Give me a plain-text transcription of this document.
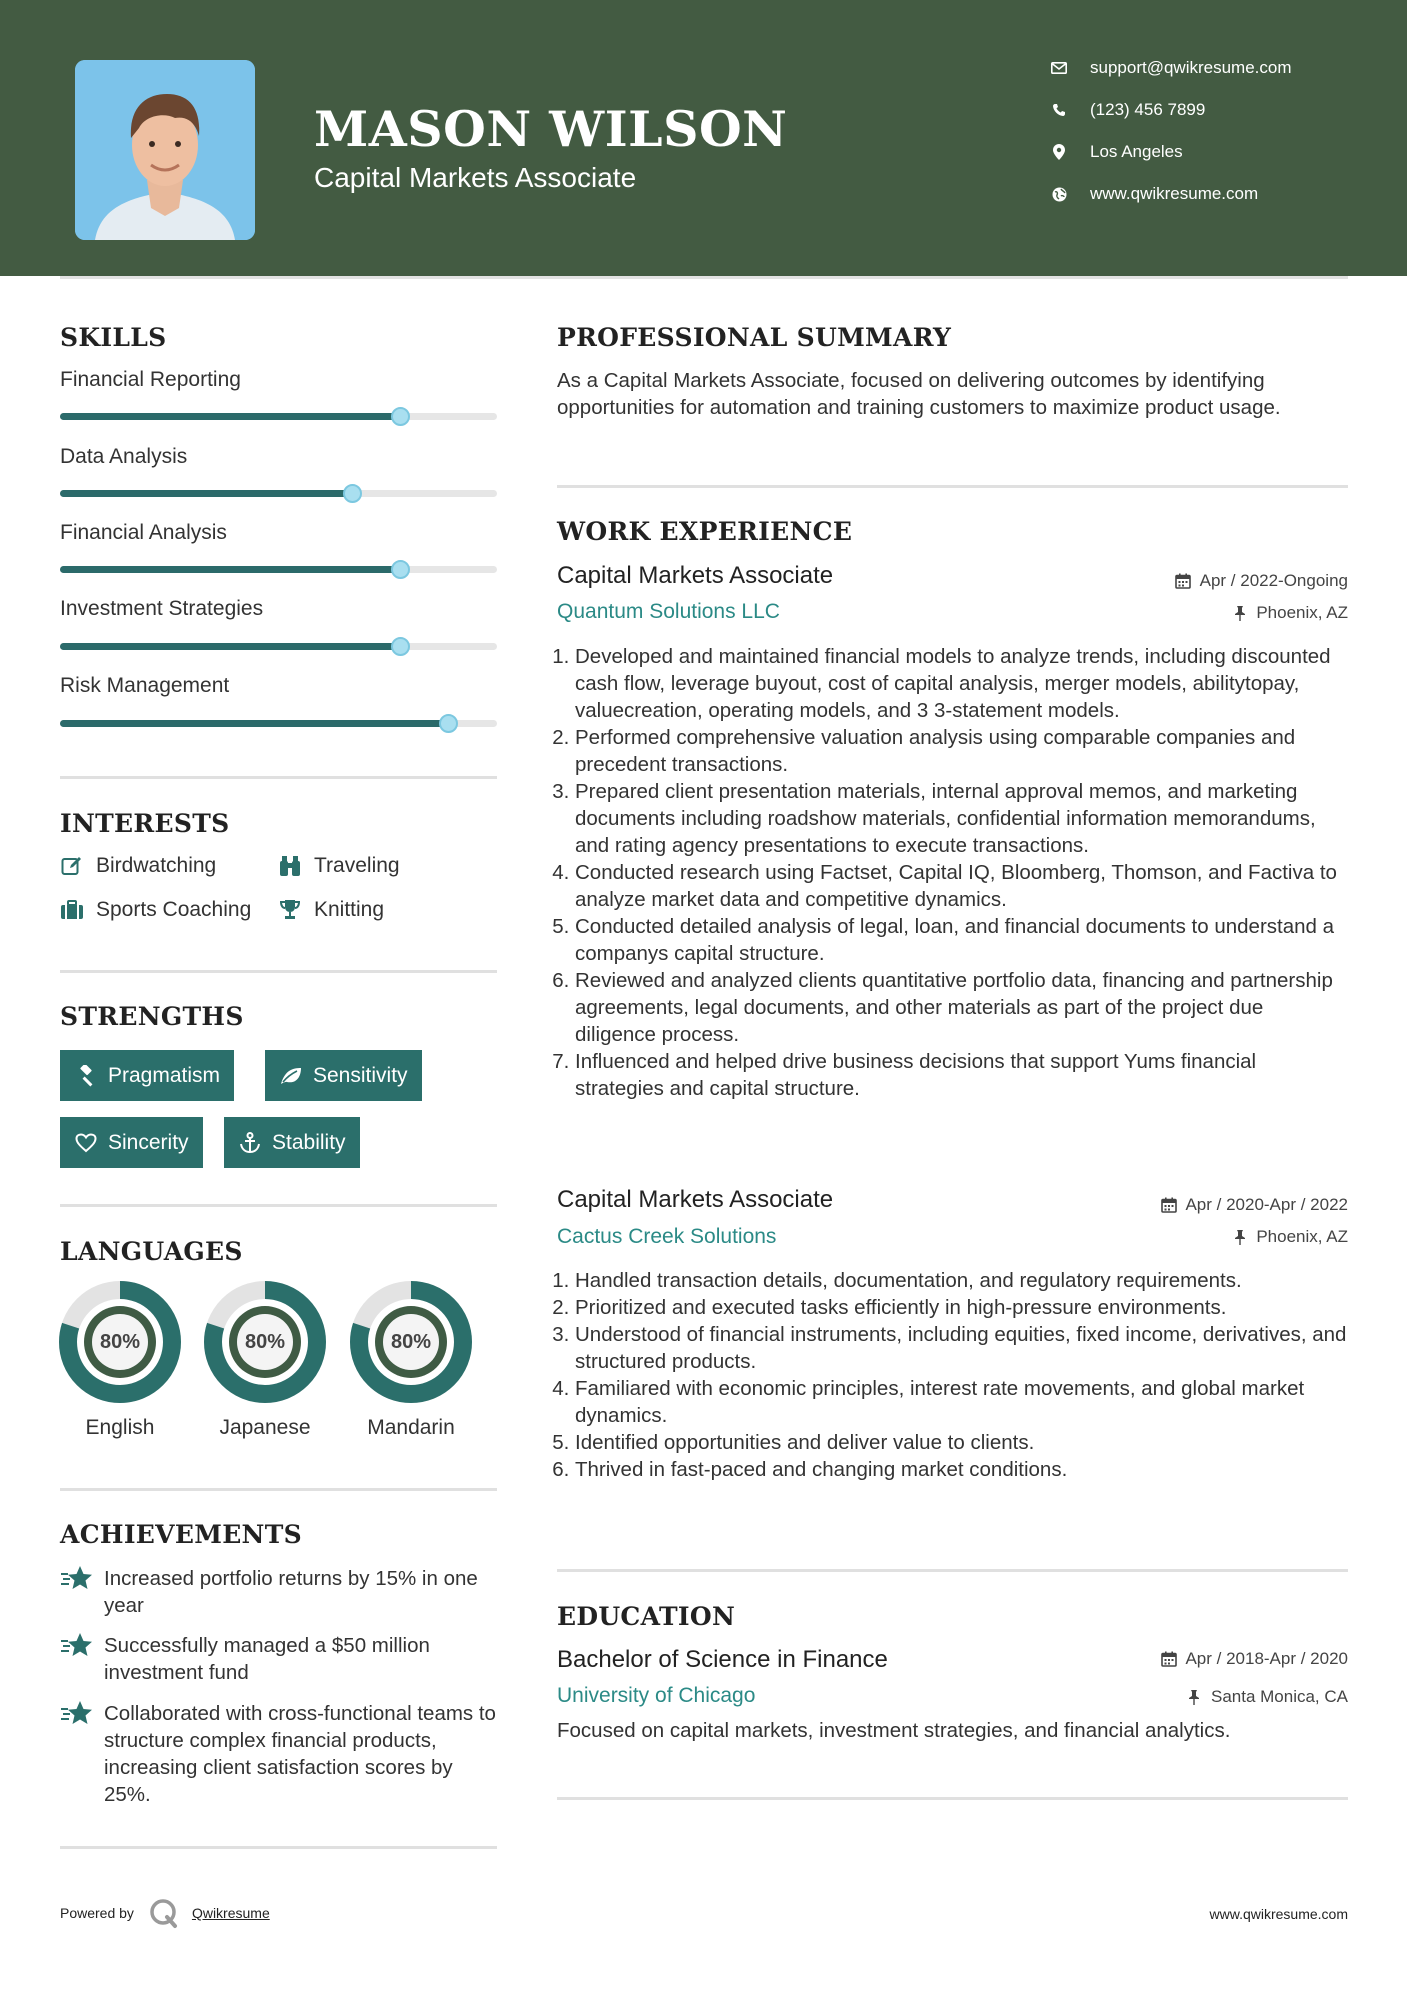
MASON WILSON
Capital Markets Associate
support@qwikresume.com
(123) 456 7899
Los Angeles
www.qwikresume.com
SKILLS
Financial Reporting
Data Analysis
Financial Analysis
Investment Strategies
Risk Management
INTERESTS
Birdwatching	Traveling
Sports Coaching	Knitting
STRENGTHS
Pragmatism	Sensitivity
Sincerity	Stability
LANGUAGES
80%
English
80%
Japanese
80%
Mandarin
ACHIEVEMENTS
Increased portfolio returns by 15% in one year
Successfully managed a $50 million investment fund
Collaborated with cross-functional teams to structure complex financial products, increasing client satisfaction scores by 25%.
PROFESSIONAL SUMMARY
As a Capital Markets Associate, focused on delivering outcomes by identifying opportunities for automation and training customers to maximize product usage.
WORK EXPERIENCE
Capital Markets Associate	Apr / 2022-Ongoing
Quantum Solutions LLC	Phoenix, AZ
1. Developed and maintained financial models to analyze trends, including discounted cash flow, leverage buyout, cost of capital analysis, merger models, abilitytopay, valuecreation, operating models, and 3 3-statement models.
2. Performed comprehensive valuation analysis using comparable companies and precedent transactions.
3. Prepared client presentation materials, internal approval memos, and marketing documents including roadshow materials, confidential information memorandums, and rating agency presentations to execute transactions.
4. Conducted research using Factset, Capital IQ, Bloomberg, Thomson, and Factiva to analyze market data and competitive dynamics.
5. Conducted detailed analysis of legal, loan, and financial documents to understand a companys capital structure.
6. Reviewed and analyzed clients quantitative portfolio data, financing and partnership agreements, legal documents, and other materials as part of the project due diligence process.
7. Influenced and helped drive business decisions that support Yums financial strategies and capital structure.
Capital Markets Associate	Apr / 2020-Apr / 2022
Cactus Creek Solutions	Phoenix, AZ
1. Handled transaction details, documentation, and regulatory requirements.
2. Prioritized and executed tasks efficiently in high-pressure environments.
3. Understood of financial instruments, including equities, fixed income, derivatives, and structured products.
4. Familiared with economic principles, interest rate movements, and global market dynamics.
5. Identified opportunities and deliver value to clients.
6. Thrived in fast-paced and changing market conditions.
EDUCATION
Bachelor of Science in Finance	Apr / 2018-Apr / 2020
University of Chicago	Santa Monica, CA
Focused on capital markets, investment strategies, and financial analytics.
Powered by	Qwikresume	www.qwikresume.com
